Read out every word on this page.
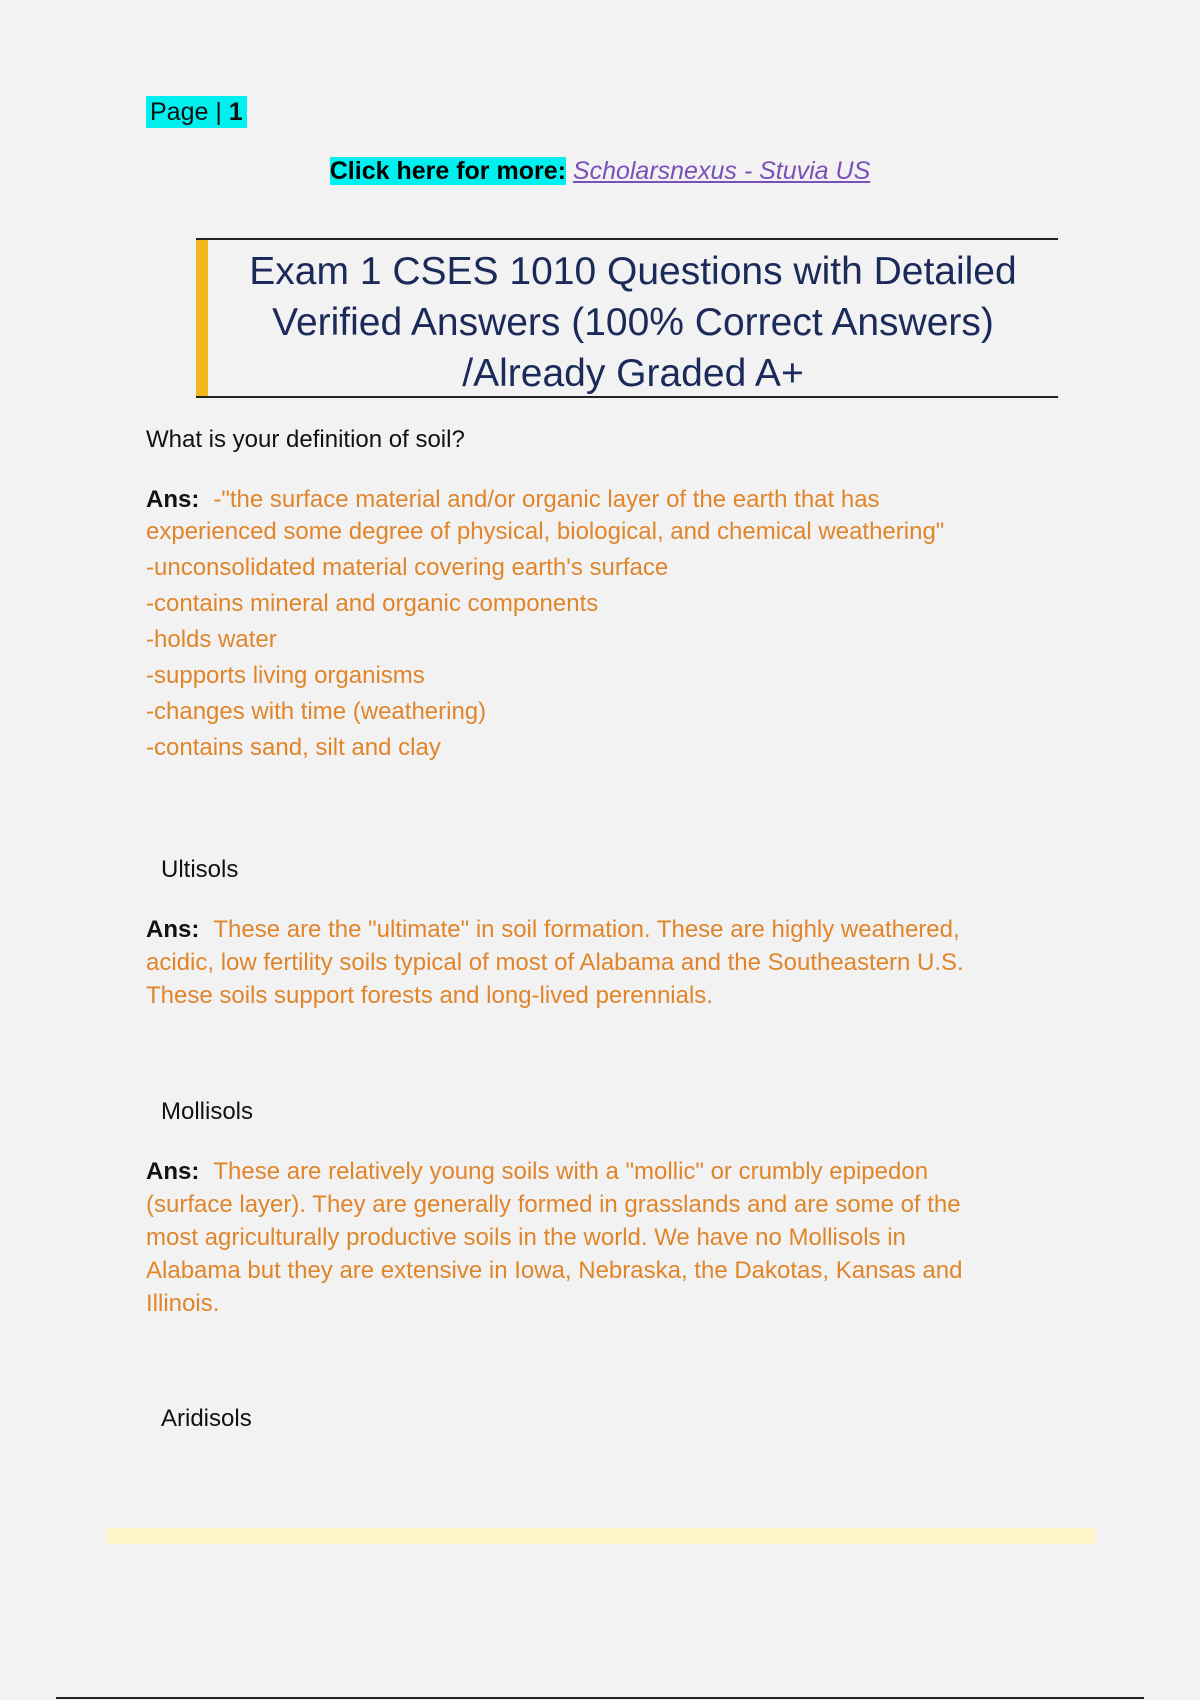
Page | 1
Click here for more: Scholarsnexus - Stuvia US
Exam 1 CSES 1010 Questions with Detailed
Verified Answers (100% Correct Answers)
/Already Graded A+
What is your definition of soil?
Ans: -"the surface material and/or organic layer of the earth that has
experienced some degree of physical, biological, and chemical weathering"
-unconsolidated material covering earth's surface
-contains mineral and organic components
-holds water
-supports living organisms
-changes with time (weathering)
-contains sand, silt and clay
Ultisols
Ans: These are the "ultimate" in soil formation. These are highly weathered,
acidic, low fertility soils typical of most of Alabama and the Southeastern U.S.
These soils support forests and long-lived perennials.
Mollisols
Ans: These are relatively young soils with a "mollic" or crumbly epipedon
(surface layer). They are generally formed in grasslands and are some of the
most agriculturally productive soils in the world. We have no Mollisols in
Alabama but they are extensive in Iowa, Nebraska, the Dakotas, Kansas and
Illinois.
Aridisols
